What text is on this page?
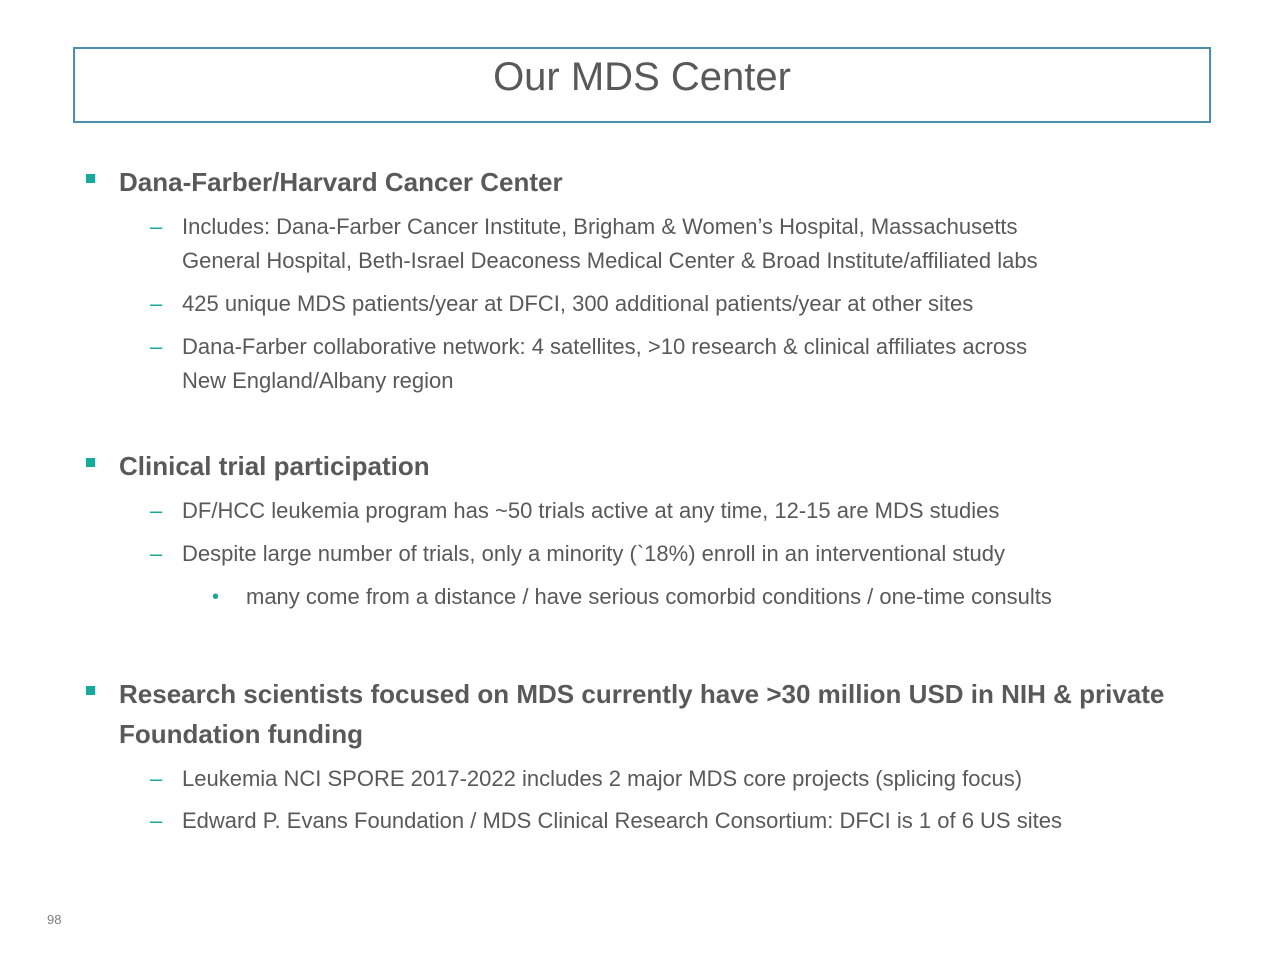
Our MDS Center
Dana-Farber/Harvard Cancer Center
– Includes: Dana-Farber Cancer Institute, Brigham & Women’s Hospital, Massachusetts
General Hospital, Beth-Israel Deaconess Medical Center & Broad Institute/affiliated labs
– 425 unique MDS patients/year at DFCI, 300 additional patients/year at other sites
– Dana-Farber collaborative network: 4 satellites, >10 research & clinical affiliates across
New England/Albany region
Clinical trial participation
– DF/HCC leukemia program has ~50 trials active at any time, 12-15 are MDS studies
– Despite large number of trials, only a minority (`18%) enroll in an interventional study
• many come from a distance / have serious comorbid conditions / one-time consults
Research scientists focused on MDS currently have >30 million USD in NIH & private
Foundation funding
– Leukemia NCI SPORE 2017-2022 includes 2 major MDS core projects (splicing focus)
– Edward P. Evans Foundation / MDS Clinical Research Consortium: DFCI is 1 of 6 US sites
98
